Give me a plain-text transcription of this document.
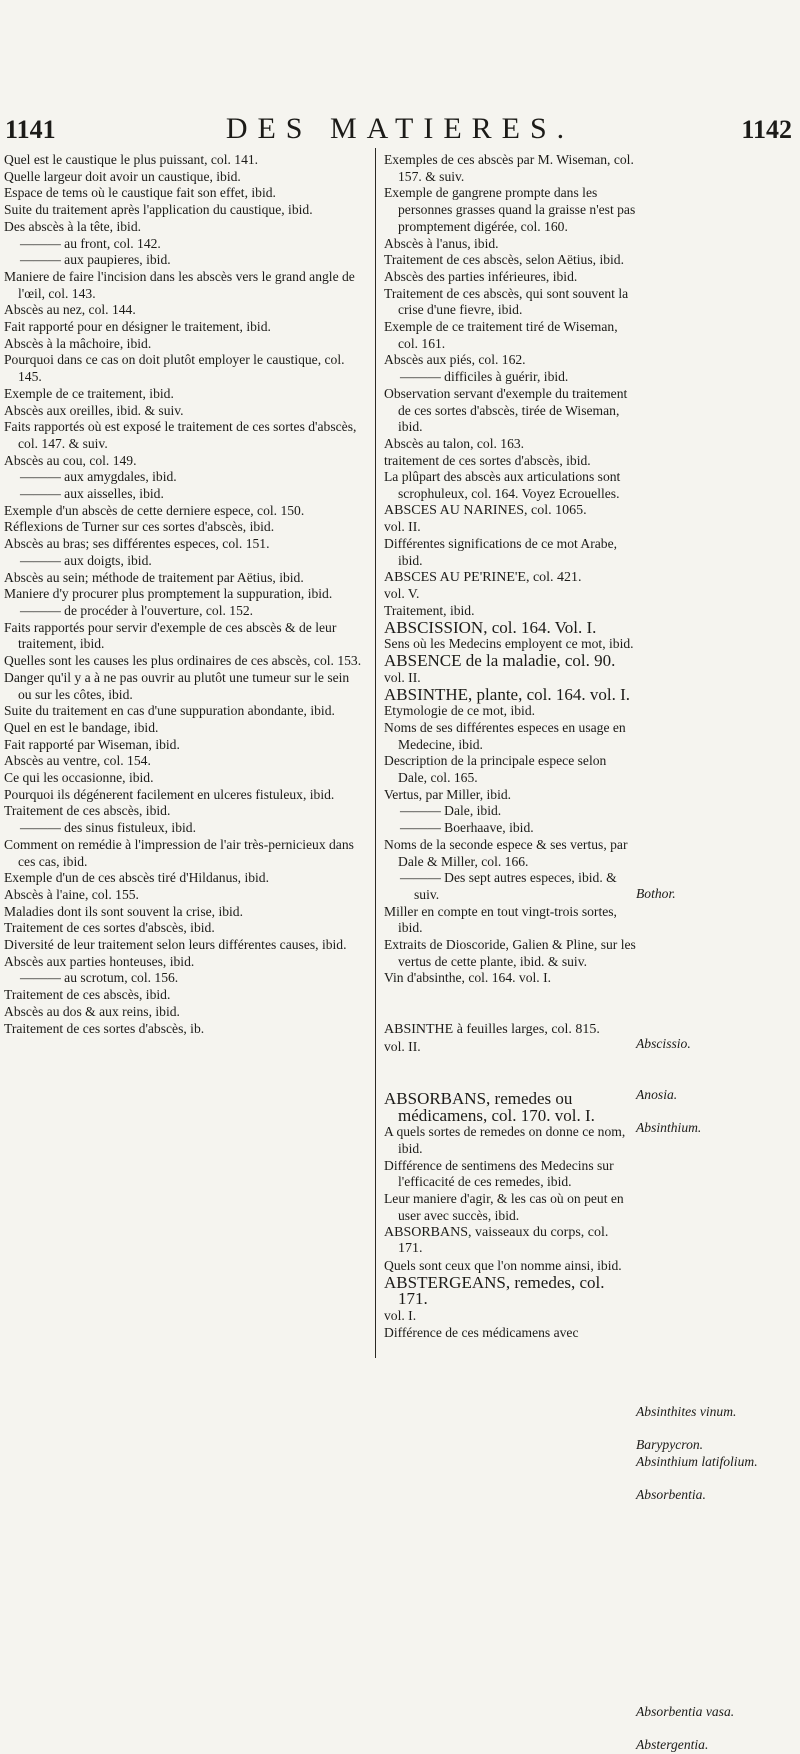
1141	DES MATIERES.	1142

Quel est le caustique le plus puissant, col. 141.

Quelle largeur doit avoir un caustique, ibid.

Espace de tems où le caustique fait son effet, ibid.

Suite du traitement après l'application du caustique, ibid.

Des abscès à la tête, ibid.

——— au front, col. 142.

——— aux paupieres, ibid.

Maniere de faire l'incision dans les abscès vers le grand angle de l'œil, col. 143.

Abscès au nez, col. 144.

Fait rapporté pour en désigner le traitement, ibid.

Abscès à la mâchoire, ibid.

Pourquoi dans ce cas on doit plutôt employer le caustique, col. 145.

Exemple de ce traitement, ibid.

Abscès aux oreilles, ibid. & suiv.

Faits rapportés où est exposé le traitement de ces sortes d'abscès, col. 147. & suiv.

Abscès au cou, col. 149.

——— aux amygdales, ibid.

——— aux aisselles, ibid.

Exemple d'un abscès de cette derniere espece, col. 150.

Réflexions de Turner sur ces sortes d'abscès, ibid.

Abscès au bras; ses différentes especes, col. 151.

——— aux doigts, ibid.

Abscès au sein; méthode de traitement par Aëtius, ibid.

Maniere d'y procurer plus promptement la suppuration, ibid.

——— de procéder à l'ouverture, col. 152.

Faits rapportés pour servir d'exemple de ces abscès & de leur traitement, ibid.

Quelles sont les causes les plus ordinaires de ces abscès, col. 153.

Danger qu'il y a à ne pas ouvrir au plutôt une tumeur sur le sein ou sur les côtes, ibid.

Suite du traitement en cas d'une suppuration abondante, ibid.

Quel en est le bandage, ibid.

Fait rapporté par Wiseman, ibid.

Abscès au ventre, col. 154.

Ce qui les occasionne, ibid.

Pourquoi ils dégénerent facilement en ulceres fistuleux, ibid.

Traitement de ces abscès, ibid.

——— des sinus fistuleux, ibid.

Comment on remédie à l'impression de l'air très-pernicieux dans ces cas, ibid.

Exemple d'un de ces abscès tiré d'Hildanus, ibid.

Abscès à l'aine, col. 155.

Maladies dont ils sont souvent la crise, ibid.

Traitement de ces sortes d'abscès, ibid.

Diversité de leur traitement selon leurs différentes causes, ibid.

Abscès aux parties honteuses, ibid.

——— au scrotum, col. 156.

Traitement de ces abscès, ibid.

Abscès au dos & aux reins, ibid.

Traitement de ces sortes d'abscès, ib.

Exemples de ces abscès par M. Wiseman, col. 157. & suiv.

Exemple de gangrene prompte dans les personnes grasses quand la graisse n'est pas promptement digérée, col. 160.

Abscès à l'anus, ibid.

Traitement de ces abscès, selon Aëtius, ibid.

Abscès des parties inférieures, ibid.

Traitement de ces abscès, qui sont souvent la crise d'une fievre, ibid.

Exemple de ce traitement tiré de Wiseman, col. 161.

Abscès aux piés, col. 162.

——— difficiles à guérir, ibid.

Observation servant d'exemple du traitement de ces sortes d'abscès, tirée de Wiseman, ibid.

Abscès au talon, col. 163.

traitement de ces sortes d'abscès, ibid.

La plûpart des abscès aux articulations sont scrophuleux, col. 164. Voyez Ecrouelles.

ABSCES AU NARINES, col. 1065.

vol. II.

Différentes significations de ce mot Arabe, ibid.

ABSCES AU PE'RINE'E, col. 421.

vol. V.

Traitement, ibid.

ABSCISSION, col. 164. Vol. I.

Sens où les Medecins employent ce mot, ibid.

ABSENCE de la maladie, col. 90.

vol. II.

ABSINTHE, plante, col. 164. vol. I.

Etymologie de ce mot, ibid.

Noms de ses différentes especes en usage en Medecine, ibid.

Description de la principale espece selon Dale, col. 165.

Vertus, par Miller, ibid.

——— Dale, ibid.

——— Boerhaave, ibid.

Noms de la seconde espece & ses vertus, par Dale & Miller, col. 166.

——— Des sept autres especes, ibid. & suiv.

Miller en compte en tout vingt-trois sortes, ibid.

Extraits de Dioscoride, Galien & Pline, sur les vertus de cette plante, ibid. & suiv.

Vin d'absinthe, col. 164. vol. I.

ABSINTHE à feuilles larges, col. 815.

vol. II.

ABSORBANS, remedes ou médicamens, col. 170. vol. I.

A quels sortes de remedes on donne ce nom, ibid.

Différence de sentimens des Medecins sur l'efficacité de ces remedes, ibid.

Leur maniere d'agir, & les cas où on peut en user avec succès, ibid.

ABSORBANS, vaisseaux du corps, col. 171.

Quels sont ceux que l'on nomme ainsi, ibid.

ABSTERGEANS, remedes, col. 171.

vol. I.

Différence de ces médicamens avec

Bothor.

Abscissio.

Anosia.

Absinthium.

Absinthites vinum.

Barypycron.

Absinthium latifolium.

Absorbentia.

Absorbentia vasa.

Abstergentia.
